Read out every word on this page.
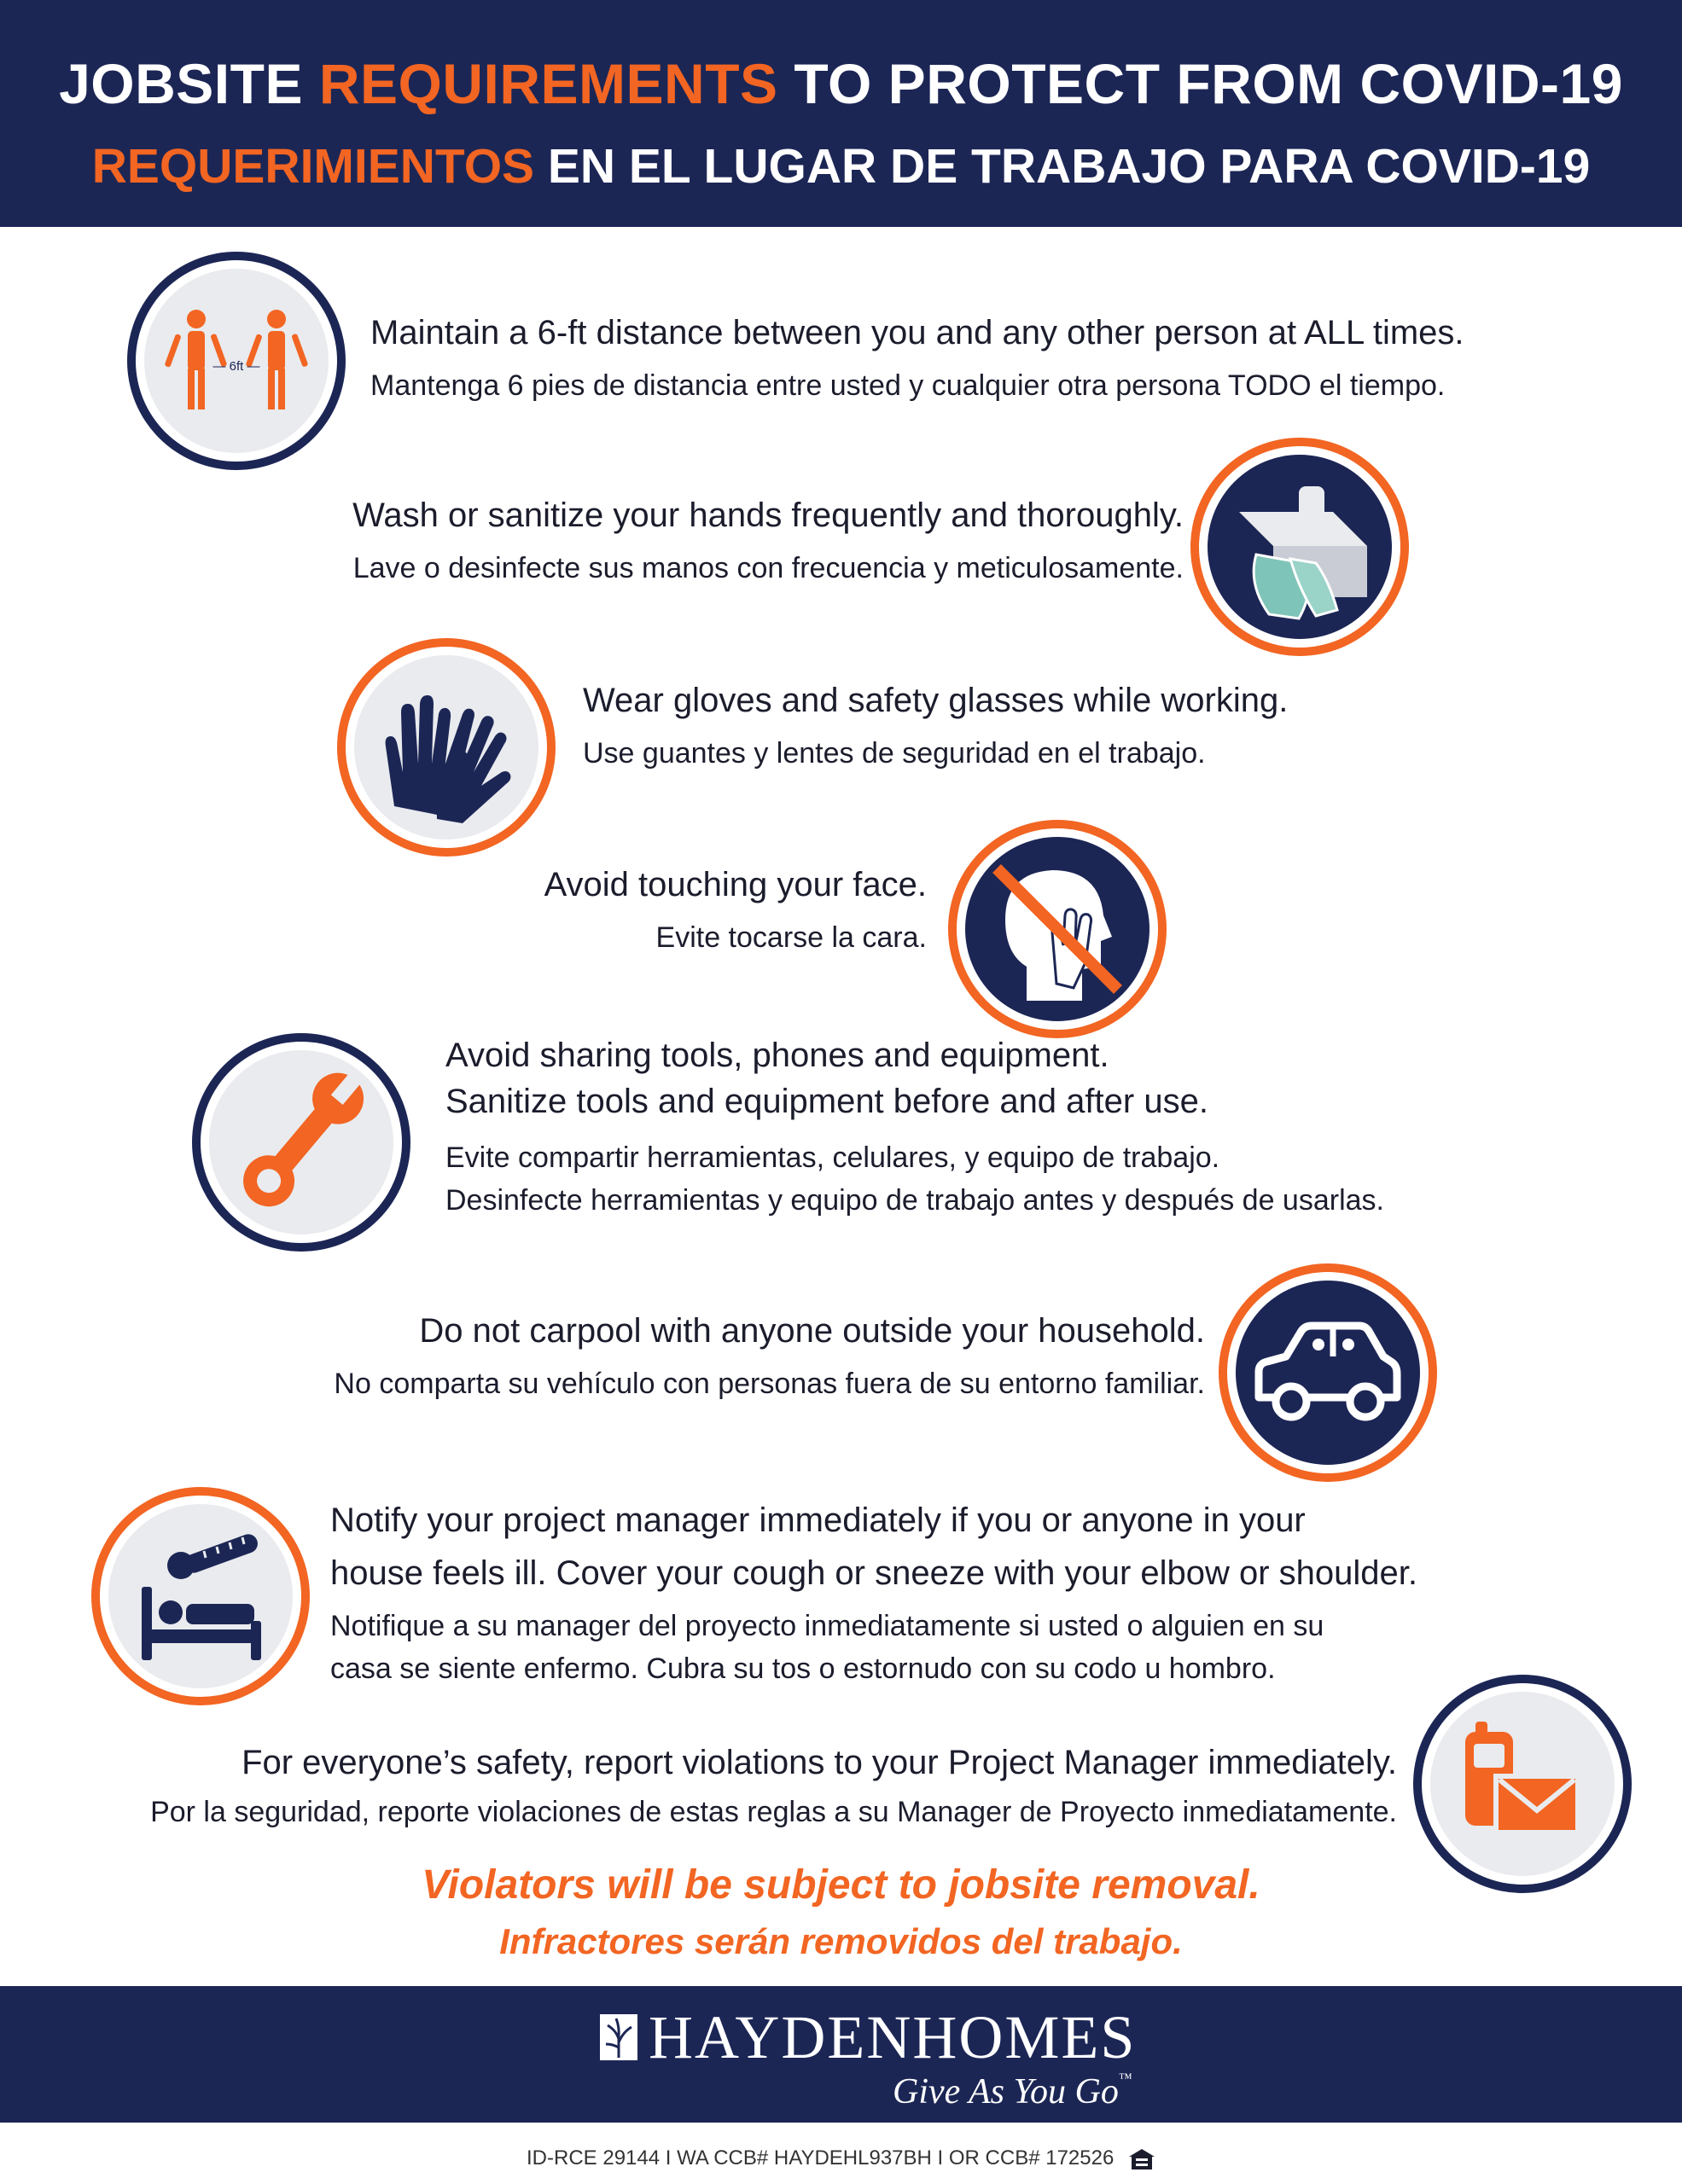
JOBSITE REQUIREMENTS TO PROTECT FROM COVID-19
REQUERIMIENTOS EN EL LUGAR DE TRABAJO PARA COVID-19
— 6ft —
Maintain a 6-ft distance between you and any other person at ALL times.
Mantenga 6 pies de distancia entre usted y cualquier otra persona TODO el tiempo.
Wash or sanitize your hands frequently and thoroughly.
Lave o desinfecte sus manos con frecuencia y meticulosamente.
Wear gloves and safety glasses while working.
Use guantes y lentes de seguridad en el trabajo.
Avoid touching your face.
Evite tocarse la cara.
Avoid sharing tools, phones and equipment.
Sanitize tools and equipment before and after use.
Evite compartir herramientas, celulares, y equipo de trabajo.
Desinfecte herramientas y equipo de trabajo antes y después de usarlas.
Do not carpool with anyone outside your household.
No comparta su vehículo con personas fuera de su entorno familiar.
Notify your project manager immediately if you or anyone in your
house feels ill. Cover your cough or sneeze with your elbow or shoulder.
Notifique a su manager del proyecto inmediatamente si usted o alguien en su
casa se siente enfermo. Cubra su tos o estornudo con su codo u hombro.
For everyone’s safety, report violations to your Project Manager immediately.
Por la seguridad, reporte violaciones de estas reglas a su Manager de Proyecto inmediatamente.
Violators will be subject to jobsite removal.
Infractores serán removidos del trabajo.
HAYDENHOMES
Give As You Go™
ID-RCE 29144 I WA CCB# HAYDEHL937BH I OR CCB# 172526
